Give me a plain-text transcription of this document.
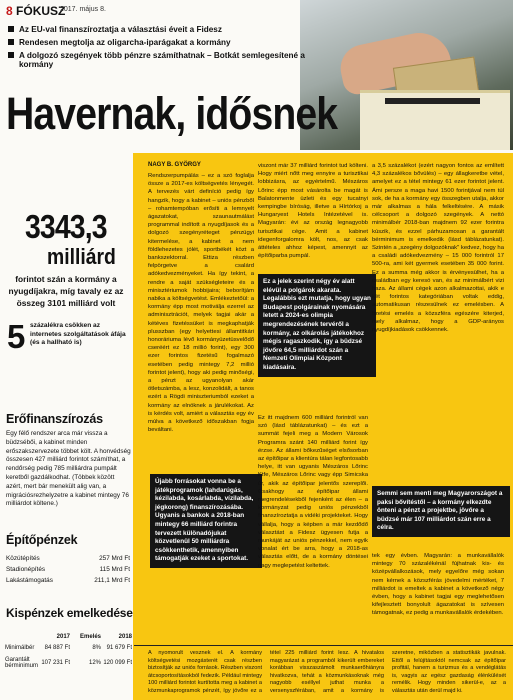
8 FÓKUSZ
2017. május 8.
Az EU-val finanszíroztatja a választási éveit a Fidesz
Rendesen megtolja az oligarcha-iparágakat a kormány
A dolgozó szegények több pénzre számíthatnak – Botkát semlegesítené a kormány
Havernak, idősnek
3343,3
milliárd
forintot szán a kormány a nyugdíjakra, míg tavaly ez az összeg 3101 milliárd volt
5 százalékra csökken az internetes szolgáltatások áfája (és a hallható is)
Erőfinanszírozás
Egy félő rendszer arca már vissza a büdzsébői, a kabinet minden erőszakszervezete többet költ. A honvédség összesen 427 milliárd forintot számíthat, a rendőrség pedig 785 milliárdra pumpált keretből gazdálkodhat. (Többek között azért, mert bár menekült alig van, a migrációsrezhelyzetre a kabinet mintegy 76 milliárdot költene.)
Építőpénzek
Közútépítés	257 Mrd Ft
Stadionépítés	115 Mrd Ft
Lakástámogatás	211,1 Mrd Ft
Kispénzek emelkedése
2017	Emelés	2018
Minimálbér	84 887 Ft	8% 91 679 Ft
Garantált bérminimum 107 231 Ft	12% 120 099 Ft
NAGY B. GYÖRGY
Rendszerpumpálás – ez a szó foglalja össze a 2017-es költségvetés lényegét. A tervezés várt definíció pedig így hangzik, hogy a kabinet – uniós pénzből – rohamtempóban erősíti a lemnyelt ágazatokat, szaunautmálást programmal indított a nyugdíjasok és a dolgozó szegényréteget pénzügyi kitermelése, a kabinet a nem földlehezetes jólét, sportbékét közt a bankszektorral. Ettiza részben felpörgetve a csalárd adókedvezményeket. Ha így tekint, a rendre a saját szükségleteire és a minisztériumok hobbijaira; beborítjám nabika a költségvetést. Emlékeztetőül: a kormány épp most motiválja ezerrel az adminisztrációt, melyek tagjai akár a kétéves fizetéssüket is megkaphatják plusszban (egy helyettesi államtitkári honoráriuma lévő kormányüzetüsvelődő cseréért ez 18 millió forint), egy 300 ezer forintos fizetésű fogalmazó esetében pedig mintegy 7,2 millió forintot jelent), hogy aki pedig minőségi, a pénzt az ugyanolyan akár ötletszámba, a lesz, konzolidált, a tanos ezért a Rögdi miniszteriumból ezeket a kormány az elnöknek a járulékokat. Az is kérdés volt, amiért a választás egy év múlva a következő időszakban fogja beváltani.
Újabb forrásokat vonna be a játékprogramok (lahdarúgás, kézilabda, kosárlabda, vízilabda, jégkorong) finanszírozásába. Ugyanis a bankok a 2018-ban mintegy 66 milliárd forintra tervezett különadójukat közvetlenül 50 milliárdra csökkenthetik, amennyiben támogatják ezeket a sportokat.
viszont már 37 milliárd forintot tud költeni. Hogy miért nőtt meg ennyire a turisztikai lobbizásra, az egyértelmű. Mészáros Lőrinc épp most vásárolta be magát is Balatonmente üzleti és egy tucatnyi kempingbe bíróság, illetve a Hírtórkoj a Hungaryest Hotels Intézetével is. Magyarán: évi az ország legnagyobb turisztikai cége. Amit a kabinet idegenforgalomra költ, nos, az csak áttételes ahhoz képest, amennyit az építőiparba pumpál.
Ez a jelek szerint négy év alatt elévül a polgárok akarata. Legalábbis ezt mutatja, hogy ugyan Budapest polgárainak nyomására letett a 2024-es olimpia megrendezésének tervéről a kormány, az olkárolás játékokhoz mégis ragaszkodik, így a büdzsé jövőre 64,5 milliárdot szán a Nemzeti Olimpiai Központ kiadásaira.
Ez itt majdnem 600 milliárd forintról van szó (lásd táblázatunkat) – és ezt a summát fejeli meg a Modern Városok Programra szánt 140 milliárd forint így érzse. Az állami bőkezűséget elsősorban az építőipar a klientúra tálan legfontosabb helye, itt van ugyanis Mészáros Lőrinc Ktfe, Mészáros Lőrinc vagy épp Simicska úr, akik az építőipar jelentős szereplői. Csakhogy az építőipar állami megrendelésekből fejenként az élen – a kormányzat pedig uniós pénzekből finanszíroztatja a vidéki projekteket. Hogy vállalja, hogy a képben a már kezdődő választást a Fidesz ügyesen futja a munkáját az uniós pénzekkel, nem egyik vonalat ért be arra, hogy a 2018-as választás előtt, de a kormány döntései nagy meglepetést keltettek.
a 3,5 százalékot (ezért nagyon fontos az említett 4,3 százalékos bővülés) – egy állagkeretbe vétel, amelyet ez a tétel mintegy 61 ezer forintot jelent. Ámi persze a maga havi 1500 forintjával nem túl sok, de ha a kormány egy összegben utalja, akkor már alkalmas a hála felkeltésére. A másik célcsoport a dolgozó szegények. A nettó minimálbér 2018-ban majdnem 92 ezer forintra kúszik, és ezzel párhuzamosan a garantált bérminimum is emelkedik (lásd táblázatunkat). Szintén a „szegény dolgozóknak" kedvez, hogy ha a családi adókedvezmény – 15 000 forintról 17 500-ra, ami két gyermek esetében 35 000 forint. Ez a summa még akkor is érvényesülhet, ha a családban egy keresó van, és az minimálbért vizi haza. Az állami cégek azon alkalmazottai, akik e két forintos kategóriában voltak eddig, automatikusan részesülnek ez emelésben. A fizetési emelés a közszféra egészére kiterjed, mely alkalmaz, hogy a GDP-arányos nyugdíjkiadások csökkennek.
Semmi sem menti meg Magyarországot a paksi bővítéstől – a kormány elkezdte önteni a pénzt a projektbe, jövőre a büdzsé már 107 milliárdot szán erre a célra.
tek egy évben. Magyarán: a munkavállalók mintegy 70 százalékénál fújhatnak kis- és középvállalkozások, mely egyelőre még sokan nem kérnek a közszférás jövedelmi mértéket, 7 milliárdot is emeltek a kabinet a következő négy évben, hogy a kabinet tagjai egy meglehetősen kifejlesztett bonyolult ágazatokat is szívesen támogatnak, ez pedig a munkavállalók érdekében.
A nyomorult vesznek el. A kormány költségvetési mozgásterét csak részben biztosítják az uniós források. Részben viszont átcsoportosításokból fedezik. Például mintegy 100 milliárd forintot kurtította meg a kabinet a közmunkaprogramok pénzét, így jövőre ez a tétel 225 milliárd forint lesz. A hivatalos magyarázat a programból kikerült embereket korábban visszaszámolt munkaerőhiányra hivatkozva, tehát a közmunkásoknak még nagyobb eséllyel juthat munka a versenyszférában, amit a kormány is szeretne, miközben a statisztikák javulnak. Ettől a felújításoktól nemcsak az építőipar profitál, hanem a turizmus és a vendéglátás is, vagyis az egész gazdaság élénkülését remélik. Hogy minden sikerül-e, az a választás után derül majd ki.
